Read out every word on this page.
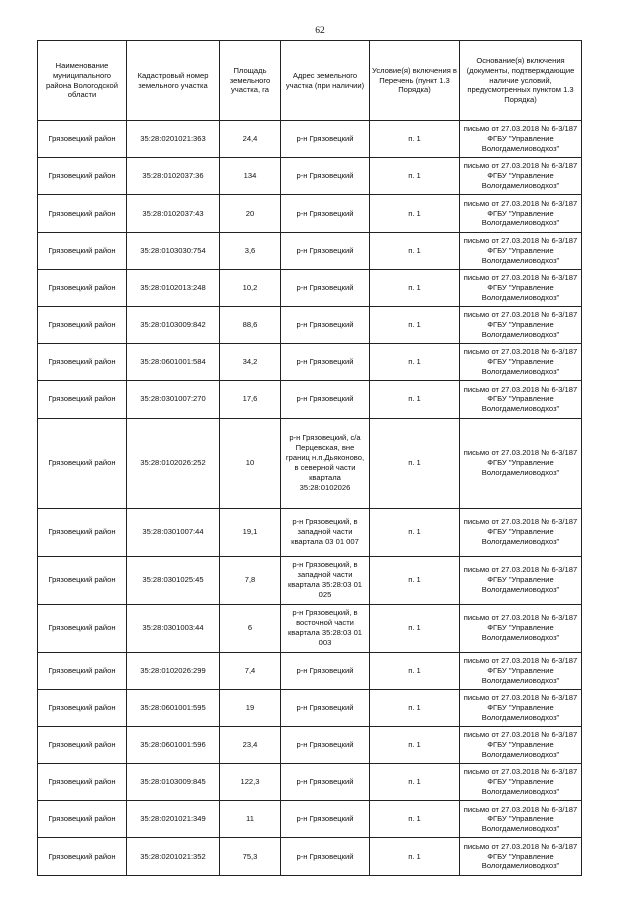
62
Наименование муниципального района Вологодской области	Кадастровый номер земельного участка	Площадь земельного участка, га	Адрес земельного участка (при наличии)	Условие(я) включения в Перечень (пункт 1.3 Порядка)	Основание(я) включения (документы, подтверждающие наличие условий, предусмотренных пунктом 1.3 Порядка)
Грязовецкий район	35:28:0201021:363	24,4	р-н Грязовецкий	п. 1	письмо от 27.03.2018 № 6-3/187 ФГБУ "Управление Вологдамелиоводхоз"
Грязовецкий район	35:28:0102037:36	134	р-н Грязовецкий	п. 1	письмо от 27.03.2018 № 6-3/187 ФГБУ "Управление Вологдамелиоводхоз"
Грязовецкий район	35:28:0102037:43	20	р-н Грязовецкий	п. 1	письмо от 27.03.2018 № 6-3/187 ФГБУ "Управление Вологдамелиоводхоз"
Грязовецкий район	35:28:0103030:754	3,6	р-н Грязовецкий	п. 1	письмо от 27.03.2018 № 6-3/187 ФГБУ "Управление Вологдамелиоводхоз"
Грязовецкий район	35:28:0102013:248	10,2	р-н Грязовецкий	п. 1	письмо от 27.03.2018 № 6-3/187 ФГБУ "Управление Вологдамелиоводхоз"
Грязовецкий район	35:28:0103009:842	88,6	р-н Грязовецкий	п. 1	письмо от 27.03.2018 № 6-3/187 ФГБУ "Управление Вологдамелиоводхоз"
Грязовецкий район	35:28:0601001:584	34,2	р-н Грязовецкий	п. 1	письмо от 27.03.2018 № 6-3/187 ФГБУ "Управление Вологдамелиоводхоз"
Грязовецкий район	35:28:0301007:270	17,6	р-н Грязовецкий	п. 1	письмо от 27.03.2018 № 6-3/187 ФГБУ "Управление Вологдамелиоводхоз"
Грязовецкий район	35:28:0102026:252	10	р-н Грязовецкий, с/а Перцевская, вне границ н.п.Дьяконово, в северной части квартала 35:28:0102026	п. 1	письмо от 27.03.2018 № 6-3/187 ФГБУ "Управление Вологдамелиоводхоз"
Грязовецкий район	35:28:0301007:44	19,1	р-н Грязовецкий, в западной части квартала 03 01 007	п. 1	письмо от 27.03.2018 № 6-3/187 ФГБУ "Управление Вологдамелиоводхоз"
Грязовецкий район	35:28:0301025:45	7,8	р-н Грязовецкий, в западной части квартала 35:28:03 01 025	п. 1	письмо от 27.03.2018 № 6-3/187 ФГБУ "Управление Вологдамелиоводхоз"
Грязовецкий район	35:28:0301003:44	6	р-н Грязовецкий, в восточной части квартала 35:28:03 01 003	п. 1	письмо от 27.03.2018 № 6-3/187 ФГБУ "Управление Вологдамелиоводхоз"
Грязовецкий район	35:28:0102026:299	7,4	р-н Грязовецкий	п. 1	письмо от 27.03.2018 № 6-3/187 ФГБУ "Управление Вологдамелиоводхоз"
Грязовецкий район	35:28:0601001:595	19	р-н Грязовецкий	п. 1	письмо от 27.03.2018 № 6-3/187 ФГБУ "Управление Вологдамелиоводхоз"
Грязовецкий район	35:28:0601001:596	23,4	р-н Грязовецкий	п. 1	письмо от 27.03.2018 № 6-3/187 ФГБУ "Управление Вологдамелиоводхоз"
Грязовецкий район	35:28:0103009:845	122,3	р-н Грязовецкий	п. 1	письмо от 27.03.2018 № 6-3/187 ФГБУ "Управление Вологдамелиоводхоз"
Грязовецкий район	35:28:0201021:349	11	р-н Грязовецкий	п. 1	письмо от 27.03.2018 № 6-3/187 ФГБУ "Управление Вологдамелиоводхоз"
Грязовецкий район	35:28:0201021:352	75,3	р-н Грязовецкий	п. 1	письмо от 27.03.2018 № 6-3/187 ФГБУ "Управление Вологдамелиоводхоз"
